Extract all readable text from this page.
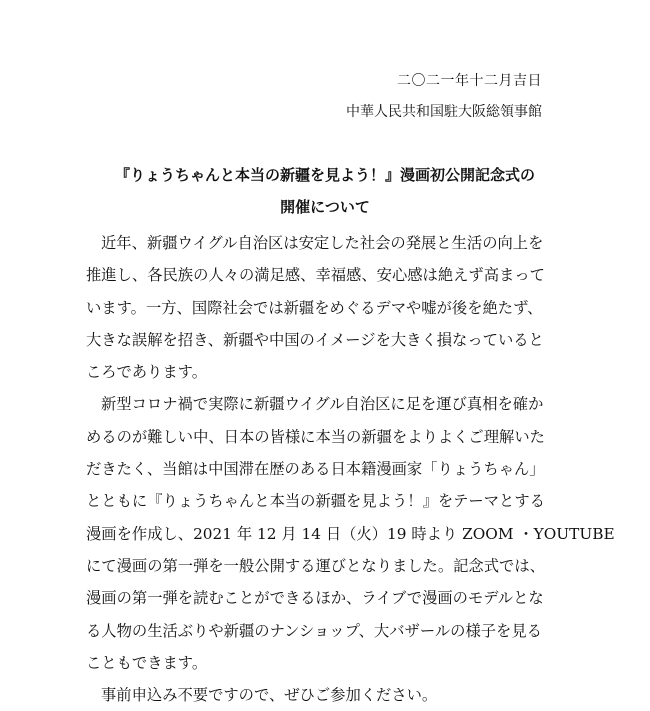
二〇二一年十二月吉日
中華人民共和国駐大阪総領事館
『りょうちゃんと本当の新疆を見よう！』漫画初公開記念式の
開催について
近年、新疆ウイグル自治区は安定した社会の発展と生活の向上を
推進し、各民族の人々の満足感、幸福感、安心感は絶えず高まって
います。一方、国際社会では新疆をめぐるデマや嘘が後を絶たず、
大きな誤解を招き、新疆や中国のイメージを大きく損なっていると
ころであります。
新型コロナ禍で実際に新疆ウイグル自治区に足を運び真相を確か
めるのが難しい中、日本の皆様に本当の新疆をよりよくご理解いた
だきたく、当館は中国滞在歴のある日本籍漫画家「りょうちゃん」
とともに『りょうちゃんと本当の新疆を見よう！』をテーマとする
漫画を作成し、2021 年 12 月 14 日（火）19 時より ZOOM ・YOUTUBE
にて漫画の第一弾を一般公開する運びとなりました。記念式では、
漫画の第一弾を読むことができるほか、ライブで漫画のモデルとな
る人物の生活ぶりや新疆のナンショップ、大バザールの様子を見る
こともできます。
事前申込み不要ですので、ぜひご参加ください。
